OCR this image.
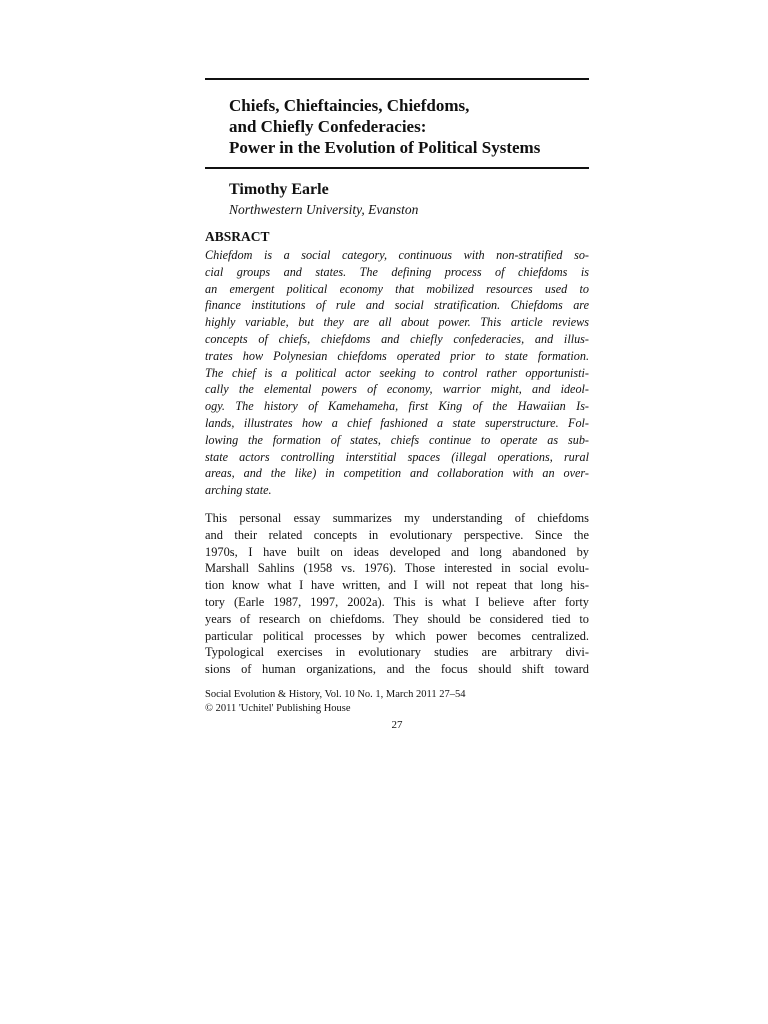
Chiefs, Chieftaincies, Chiefdoms,
and Chiefly Confederacies:
Power in the Evolution of Political Systems
Timothy Earle
Northwestern University, Evanston
ABSRACT
Chiefdom is a social category, continuous with non-stratified so-
cial groups and states. The defining process of chiefdoms is
an emergent political economy that mobilized resources used to
finance institutions of rule and social stratification. Chiefdoms are
highly variable, but they are all about power. This article reviews
concepts of chiefs, chiefdoms and chiefly confederacies, and illus-
trates how Polynesian chiefdoms operated prior to state formation.
The chief is a political actor seeking to control rather opportunisti-
cally the elemental powers of economy, warrior might, and ideol-
ogy. The history of Kamehameha, first King of the Hawaiian Is-
lands, illustrates how a chief fashioned a state superstructure. Fol-
lowing the formation of states, chiefs continue to operate as sub-
state actors controlling interstitial spaces (illegal operations, rural
areas, and the like) in competition and collaboration with an over-
arching state.
This personal essay summarizes my understanding of chiefdoms
and their related concepts in evolutionary perspective. Since the
1970s, I have built on ideas developed and long abandoned by
Marshall Sahlins (1958 vs. 1976). Those interested in social evolu-
tion know what I have written, and I will not repeat that long his-
tory (Earle 1987, 1997, 2002a). This is what I believe after forty
years of research on chiefdoms. They should be considered tied to
particular political processes by which power becomes centralized.
Typological exercises in evolutionary studies are arbitrary divi-
sions of human organizations, and the focus should shift toward
Social Evolution & History, Vol. 10 No. 1, March 2011 27–54
© 2011 'Uchitel' Publishing House
27
